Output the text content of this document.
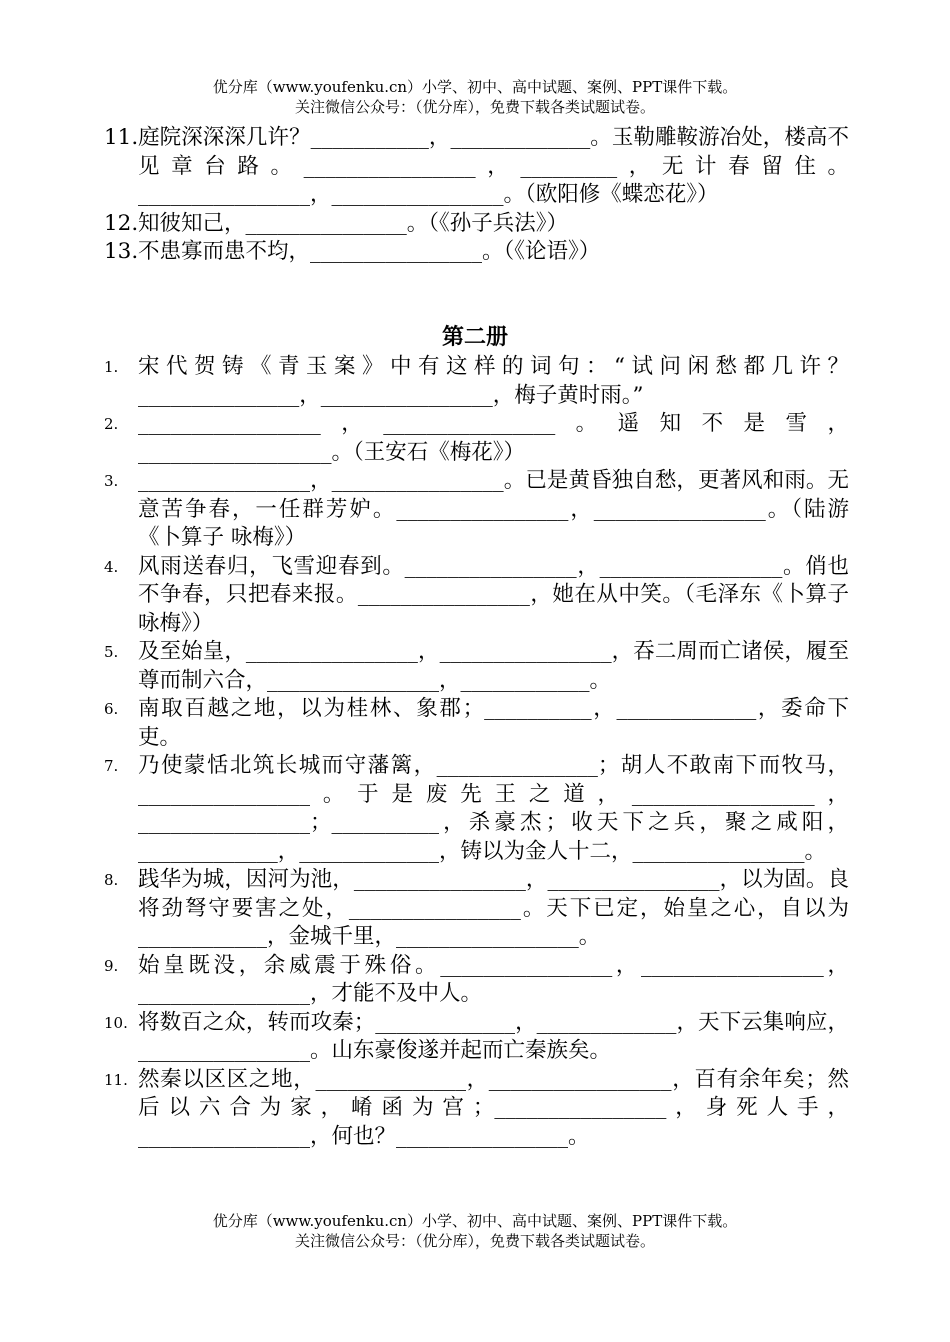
优分库（www.youfenku.cn）小学、初中、高中试题、案例、PPT课件下载。
关注微信公众号：（优分库），免费下载各类试题试卷。
11.庭院深深深几许？___________，_____________。玉勒雕鞍游冶处，楼高不见章台路。________________，_________，无计春留住。________________，________________。（欧阳修《蝶恋花》）
12.知彼知己，_______________。（《孙子兵法》）
13.不患寡而患不均，________________。（《论语》）
第二册
1. 宋代贺铸《青玉案》中有这样的词句：“试问闲愁都几许？_______________，________________，梅子黄时雨。”
2. _________________，________________。遥知不是雪，__________________。（王安石《梅花》）
3. ________________，________________。已是黄昏独自愁，更著风和雨。无意苦争春，一任群芳妒。________________，________________。（陆游《卜算子 咏梅》）
4. 风雨送春归，飞雪迎春到。________________，_________________。俏也不争春，只把春来报。________________，她在从中笑。（毛泽东《卜算子 咏梅》）
5. 及至始皇，________________，________________，吞二周而亡诸侯，履至尊而制六合，________________，____________。
6. 南取百越之地，以为桂林、象郡；__________，_____________，委命下吏。
7. 乃使蒙恬北筑长城而守藩篱，_______________；胡人不敢南下而牧马，________________。于是废先王之道，_________________，________________；__________，杀豪杰；收天下之兵，聚之咸阳，_____________，_____________，铸以为金人十二，________________。
8. 践华为城，因河为池，________________，________________，以为固。良将劲弩守要害之处，________________。天下已定，始皇之心，自以为____________，金城千里，_________________。
9. 始皇既没，余威震于殊俗。________________，_________________，________________，才能不及中人。
10. 将数百之众，转而攻秦；_____________，_____________，天下云集响应，________________。山东豪俊遂并起而亡秦族矣。
11. 然秦以区区之地，______________，_________________，百有余年矣；然后以六合为家，崤函为宫；________________，身死人手，________________，何也？________________。
优分库（www.youfenku.cn）小学、初中、高中试题、案例、PPT课件下载。
关注微信公众号：（优分库），免费下载各类试题试卷。
